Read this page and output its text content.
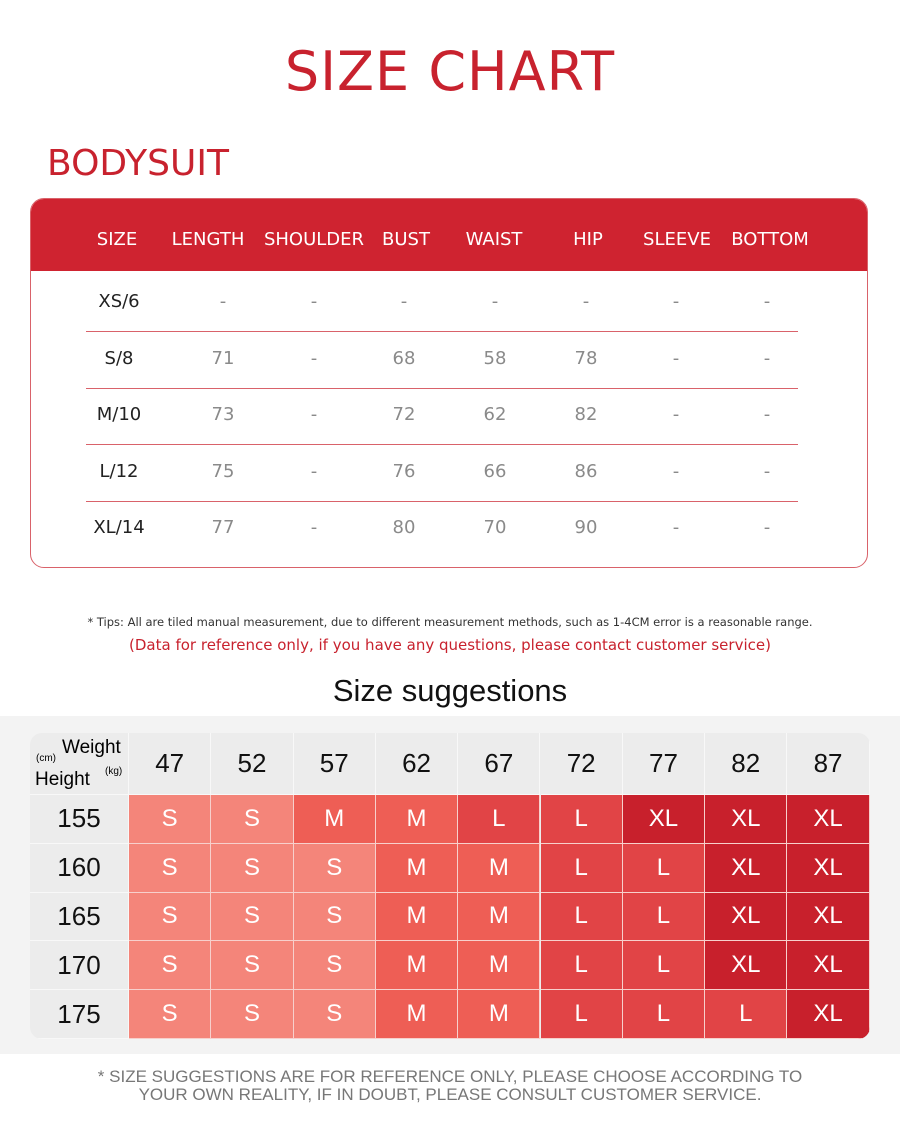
SIZE CHART
BODYSUIT
SIZE LENGTH SHOULDER BUST WAIST	HIP SLEEVE BOTTOM
XS/6	-	-	-	-	-	-	-
S/8	71	-	68	58	78	-	-
M/10	73	-	72	62	82	-	-
L/12	75	-	76	66	86	-	-
XL/14	77	-	80	70	90	-	-
* Tips: All are tiled manual measurement, due to different measurement methods, such as 1-4CM error is a reasonable range.
(Data for reference only, if you have any questions, please contact customer service)
Size suggestions
Weight
(cm)
Height (kg)	47	52	57	62	67	72	77	82	87
155	S	S	M	M	L	L	XL	XL	XL
160	S	S	S	M	M	L	L	XL	XL
165	S	S	S	M	M	L	L	XL	XL
170	S	S	S	M	M	L	L	XL	XL
175	S	S	S	M	M	L	L	L	XL
* SIZE SUGGESTIONS ARE FOR REFERENCE ONLY, PLEASE CHOOSE ACCORDING TO
YOUR OWN REALITY, IF IN DOUBT, PLEASE CONSULT CUSTOMER SERVICE.
